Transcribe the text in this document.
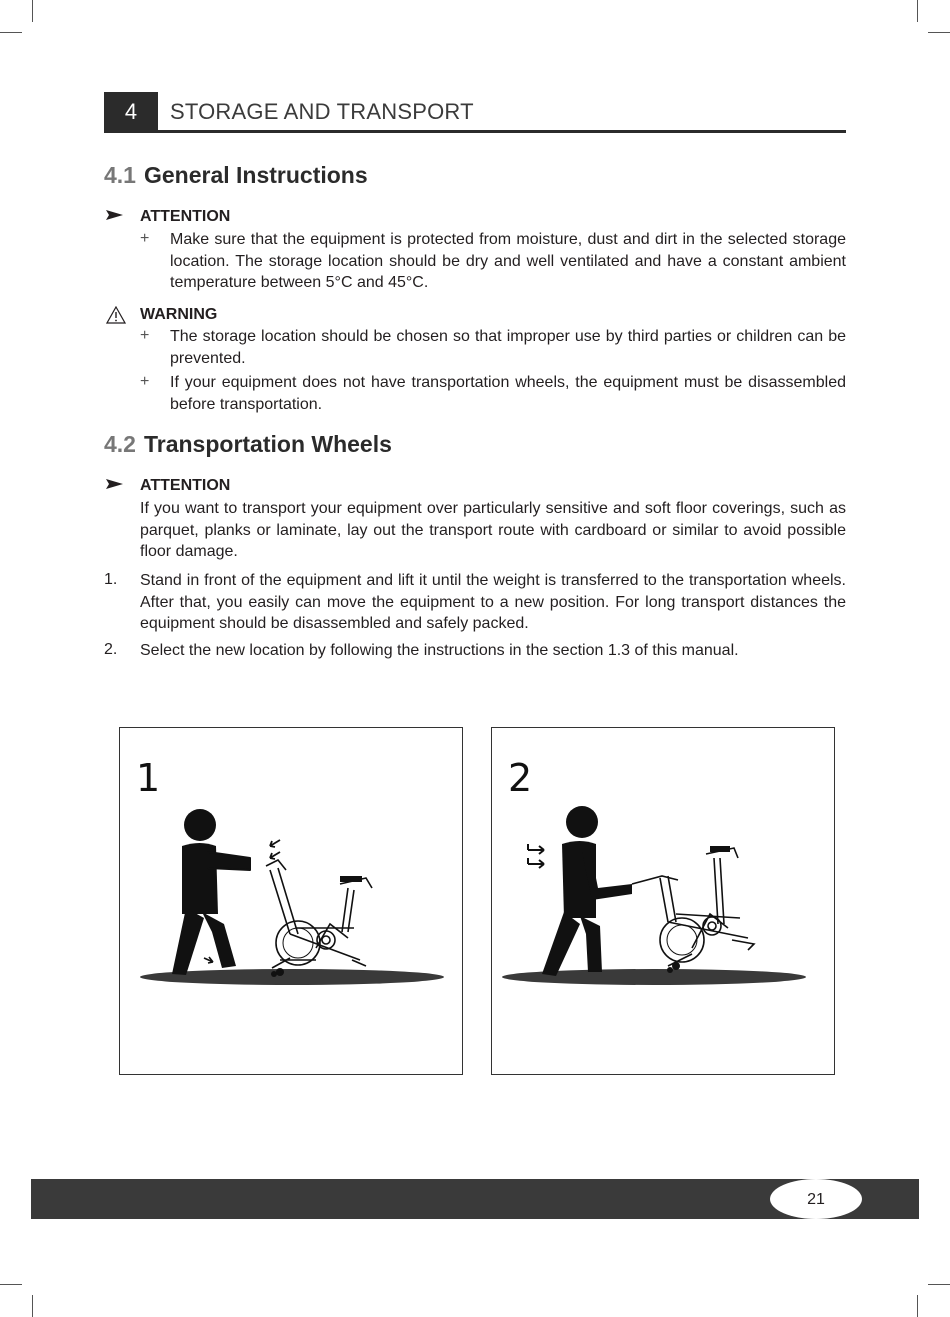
4	STORAGE AND TRANSPORT
4.1 General Instructions
ATTENTION
+ Make sure that the equipment is protected from moisture, dust and dirt in the selected storage location. The storage location should be dry and well ventilated and have a constant ambient temperature between 5°C and 45°C.
WARNING
+ The storage location should be chosen so that improper use by third parties or children can be prevented.
+ If your equipment does not have transportation wheels, the equipment must be disassembled before transportation.
4.2 Transportation Wheels
ATTENTION
If you want to transport your equipment over particularly sensitive and soft floor coverings, such as parquet, planks or laminate, lay out the transport route with cardboard or similar to avoid possible floor damage.
1. Stand in front of the equipment and lift it until the weight is transferred to the transportation wheels. After that, you easily can move the equipment to a new position. For long transport distances the equipment should be disassembled and safely packed.
2. Select the new location by following the instructions in the section 1.3 of this manual.
1	2
21
